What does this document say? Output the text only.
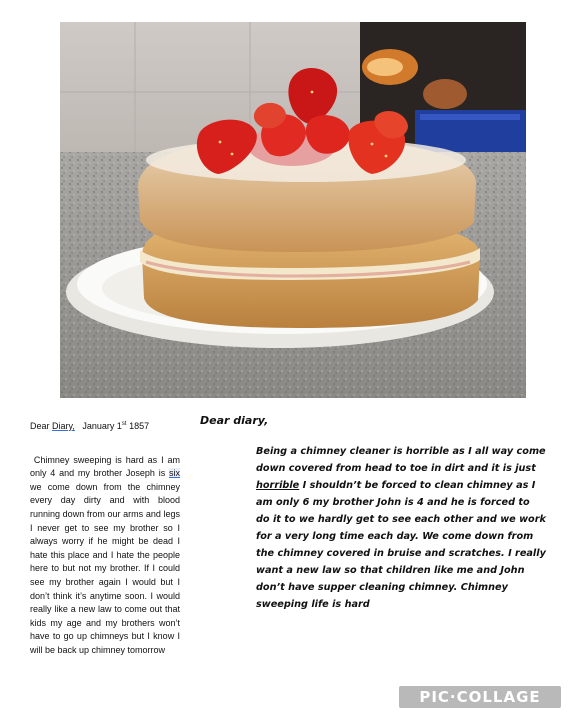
Dear Diary, January 1st 1857
Chimney sweeping is hard as I am only 4 and my brother Joseph is six we come down from the chimney every day dirty and with blood running down from our arms and legs I never get to see my brother so I always worry if he might be dead I hate this place and I hate the people here to but not my brother. If I could see my brother again I would but I don’t think it’s anytime soon. I would really like a new law to come out that kids my age and my brothers won’t have to go up chimneys but I know I will be back up chimney tomorrow
Dear diary,
Being a chimney cleaner is horrible as I all way come down covered from head to toe in dirt and it is just horrible I shouldn’t be forced to clean chimney as I am only 6 my brother John is 4 and he is forced to do it to we hardly get to see each other and we work for a very long time each day. We come down from the chimney covered in bruise and scratches. I really want a new law so that children like me and John don’t have supper cleaning chimney. Chimney sweeping life is hard
PIC·COLLAGE
